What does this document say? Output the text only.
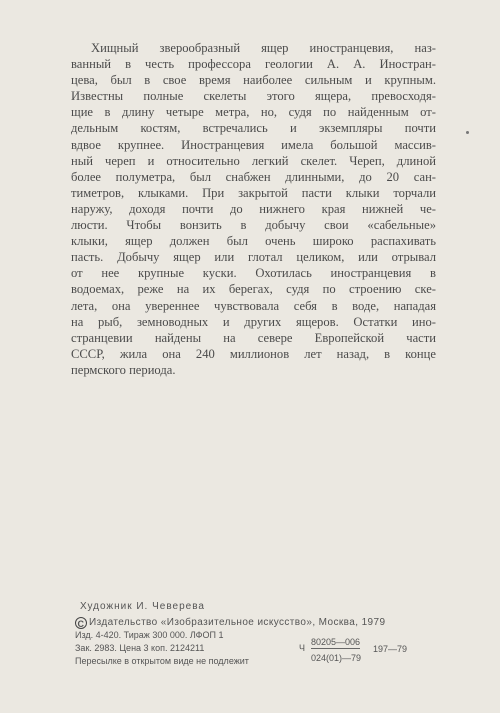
Хищный зверообразный ящер иностранцевия, наз-
ванный в честь профессора геологии А. А. Иностран-
цева, был в свое время наиболее сильным и крупным.
Известны полные скелеты этого ящера, превосходя-
щие в длину четыре метра, но, судя по найденным от-
дельным костям, встречались и экземпляры почти
вдвое крупнее. Иностранцевия имела большой массив-
ный череп и относительно легкий скелет. Череп, длиной
более полуметра, был снабжен длинными, до 20 сан-
тиметров, клыками. При закрытой пасти клыки торчали
наружу, доходя почти до нижнего края нижней че-
люсти. Чтобы вонзить в добычу свои «сабельные»
клыки, ящер должен был очень широко распахивать
пасть. Добычу ящер или глотал целиком, или отрывал
от нее крупные куски. Охотилась иностранцевия в
водоемах, реже на их берегах, судя по строению ске-
лета, она увереннее чувствовала себя в воде, нападая
на рыб, земноводных и других ящеров. Остатки ино-
странцевии найдены на севере Европейской части
СССР, жила она 240 миллионов лет назад, в конце
пермского периода.
Художник И. Чеверева
C Издательство «Изобразительное искусство», Москва, 1979
Изд. 4-420. Тираж 300 000. ЛФОП 1
Зак. 2983. Цена 3 коп. 2124211
Пересылке в открытом виде не подлежит
Ч
80205—006
024(01)—79
197—79
